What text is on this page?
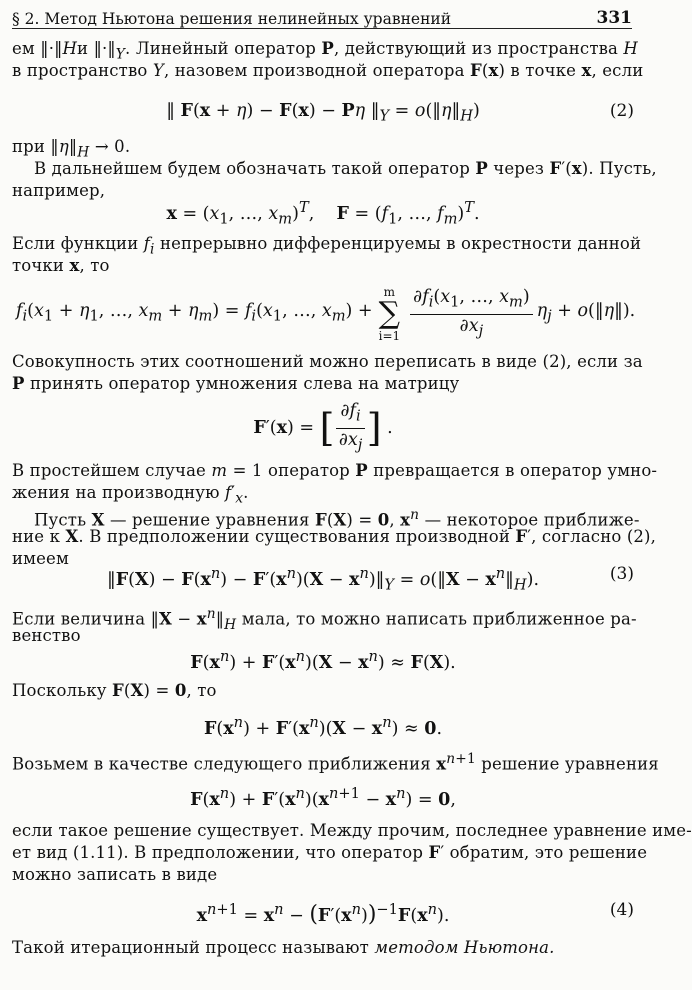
§ 2. Метод Ньютона решения нелинейных уравнений	331
ем ‖·‖ H и $‖\cdot‖_Y$. Линейный оператор P, действующий из пространства H
в пространство Y, назовем производной оператора F(x) в точке x, если
‖ F(x + η) − F(x) − Pη $‖_Y$ = $o(‖\eta‖_H)$	(2)
при $‖\eta‖_H \to 0$.
В дальнейшем будем обозначать такой оператор P через F′(x). Пусть,
например,
$x = (x_1$, …, $x_m)^T$,    $F = (f_1$, …, $f_m)^T$.
Если функции $f_i$ непрерывно дифференцируемы в окрестности данной
точки x, то
$f_i(x_1 + \eta_1$, …, $x_m + \eta_m) = f_i(x_1$, …, $x_m$) +
m
∑
i=1
$\partial f_i(x_1$, …, $x_m$)
$\partial x_j$
$\eta_j$ + o(‖η‖).
Совокупность этих соотношений можно переписать в виде (2), если за
P принять оператор умножения слева на матрицу
F′(x) = [ $\partial f_i$
$\partial x_j$ ] .
В простейшем случае m = 1 оператор P превращается в оператор умно-
жения на производную $f'_x$.
Пусть X — решение уравнения F(X) = 0, $x^n$ — некоторое приближе-
ние к X. В предположении существования производной F′, согласно (2),
имеем
‖F(X) − $F(x^n) - F'(x^n)(X$ − $x^n)‖_Y$ = o(‖X − $x^n‖_H$).	(3)
Если величина ‖X − $x^n‖_H$ мала, то можно написать приближенное ра-
венство
$F(x^n) + F'(x^n)(X - x^n) \approx F(X)$.
Поскольку F(X) = 0, то
$F(x^n) + F'(x^n)(X - x^n) \approx 0$.
Возьмем в качестве следующего приближения $x^{n+1}$ решение уравнения
$F(x^n) + F'(x^n)(x^{n+1} - x^n) = 0$,
если такое решение существует. Между прочим, последнее уравнение име-
ет вид (1.11). В предположении, что оператор F′ обратим, это решение
можно записать в виде
$x^{n+1} = x^n - (F'(x^n))^{-1}F(x^n)$.	(4)
Такой итерационный процесс называют методом Ньютона.
